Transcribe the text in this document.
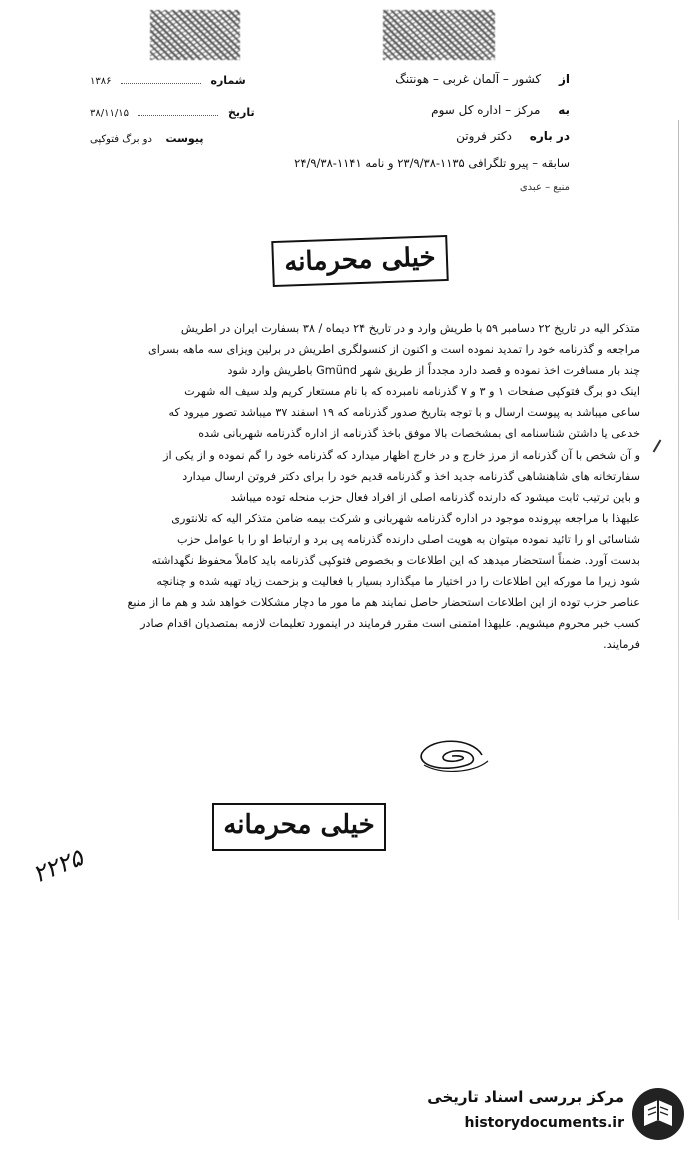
از کشور – آلمان غربی – هونتنگ
به مرکز – اداره کل سوم
در باره دکتر فروتن
شماره  ۱۳۸۶
تاریخ  ۳۸/۱۱/۱۵
پیوست دو برگ فتوکپی
سابقه – پیرو تلگرافی ۱۱۳۵-۲۳/۹/۳۸ و نامه ۱۱۴۱-۲۴/۹/۳۸
منبع – عبدی
خیلی محرمانه
متذکر الیه در تاریخ ۲۲ دسامبر ۵۹ با طریش وارد و در تاریخ ۲۴ دیماه / ۳۸ بسفارت ایران در اطریش
مراجعه و گذرنامه خود را تمدید نموده است و اکنون از کنسولگری اطریش در برلین ویزای سه ماهه بسرای
چند بار مسافرت اخذ نموده و قصد دارد مجدداً از طریق شهر Gmünd باطریش وارد شود
اینک دو برگ فتوکپی صفحات ۱ و ۳ و ۷ گذرنامه نامبرده که با نام مستعار کریم ولد سیف اله شهرت
ساعی میباشد به پیوست ارسال و با توجه بتاریخ صدور گذرنامه که ۱۹ اسفند ۳۷ میباشد تصور میرود که
خدعی یا داشتن شناسنامه ای بمشخصات بالا موفق باخذ گذرنامه از اداره گذرنامه شهربانی شده
و آن شخص با آن گذرنامه از مرز خارج و در خارج اظهار میدارد که گذرنامه خود را گم نموده و از یکی از
سفارتخانه های شاهنشاهی گذرنامه جدید اخذ و گذرنامه قدیم خود را برای دکتر فروتن ارسال میدارد
و باین ترتیب ثابت میشود که دارنده گذرنامه اصلی از افراد فعال حزب منحله توده میباشد
علیهذا با مراجعه بپرونده موجود در اداره گذرنامه شهربانی و شرکت بیمه ضامن متذکر الیه که تلانتوری
شناسائی او را تائید نموده میتوان به هویت اصلی دارنده گذرنامه پی برد و ارتباط او را با عوامل حزب
بدست آورد. ضمناً استحضار میدهد که این اطلاعات و بخصوص فتوکپی گذرنامه باید کاملاً محفوظ نگهداشته
شود زیرا ما مورکه این اطلاعات را در اختیار ما میگذارد بسیار با فعالیت و بزحمت زیاد تهیه شده و چنانچه
عناصر حزب توده از این اطلاعات استحضار حاصل نمایند هم ما مور ما دچار مشکلات خواهد شد و هم ما از منبع
کسب خبر محروم میشویم. علیهذا امتمنی است مقرر فرمایند در اینمورد تعلیمات لازمه بمتصدیان اقدام صادر
فرمایند.
خیلی محرمانه
۲۲۲۵
مرکز بررسی اسناد تاریخی
historydocuments.ir
